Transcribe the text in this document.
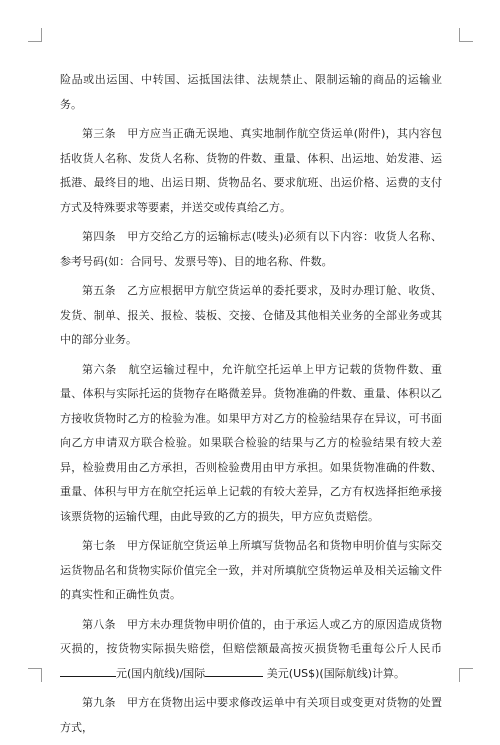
险品或出运国、中转国、运抵国法律、法规禁止、限制运输的商品的运输业务。

第三条　甲方应当正确无误地、真实地制作航空货运单(附件)，其内容包括收货人名称、发货人名称、货物的件数、重量、体积、出运地、始发港、运抵港、最终目的地、出运日期、货物品名、要求航班、出运价格、运费的支付方式及特殊要求等要素，并送交或传真给乙方。

第四条　甲方交给乙方的运输标志(唛头)必须有以下内容：收货人名称、参考号码(如：合同号、发票号等)、目的地名称、件数。

第五条　乙方应根据甲方航空货运单的委托要求，及时办理订舱、收货、发货、制单、报关、报检、装板、交接、仓储及其他相关业务的全部业务或其中的部分业务。

第六条　航空运输过程中，允许航空托运单上甲方记载的货物件数、重量、体积与实际托运的货物存在略微差异。货物准确的件数、重量、体积以乙方接收货物时乙方的检验为准。如果甲方对乙方的检验结果存在异议，可书面向乙方申请双方联合检验。如果联合检验的结果与乙方的检验结果有较大差异，检验费用由乙方承担，否则检验费用由甲方承担。如果货物准确的件数、重量、体积与甲方在航空托运单上记载的有较大差异，乙方有权选择拒绝承接该票货物的运输代理，由此导致的乙方的损失，甲方应负责赔偿。

第七条　甲方保证航空货运单上所填写货物品名和货物申明价值与实际交运货物品名和货物实际价值完全一致，并对所填航空货物运单及相关运输文件的真实性和正确性负责。

第八条　甲方未办理货物申明价值的，由于承运人或乙方的原因造成货物灭损的，按货物实际损失赔偿，但赔偿额最高按灭损货物毛重每公斤人民币元(国内航线)/国际	美元(US$)(国际航线)计算。

第九条　甲方在货物出运中要求修改运单中有关项目或变更对货物的处置方式，
